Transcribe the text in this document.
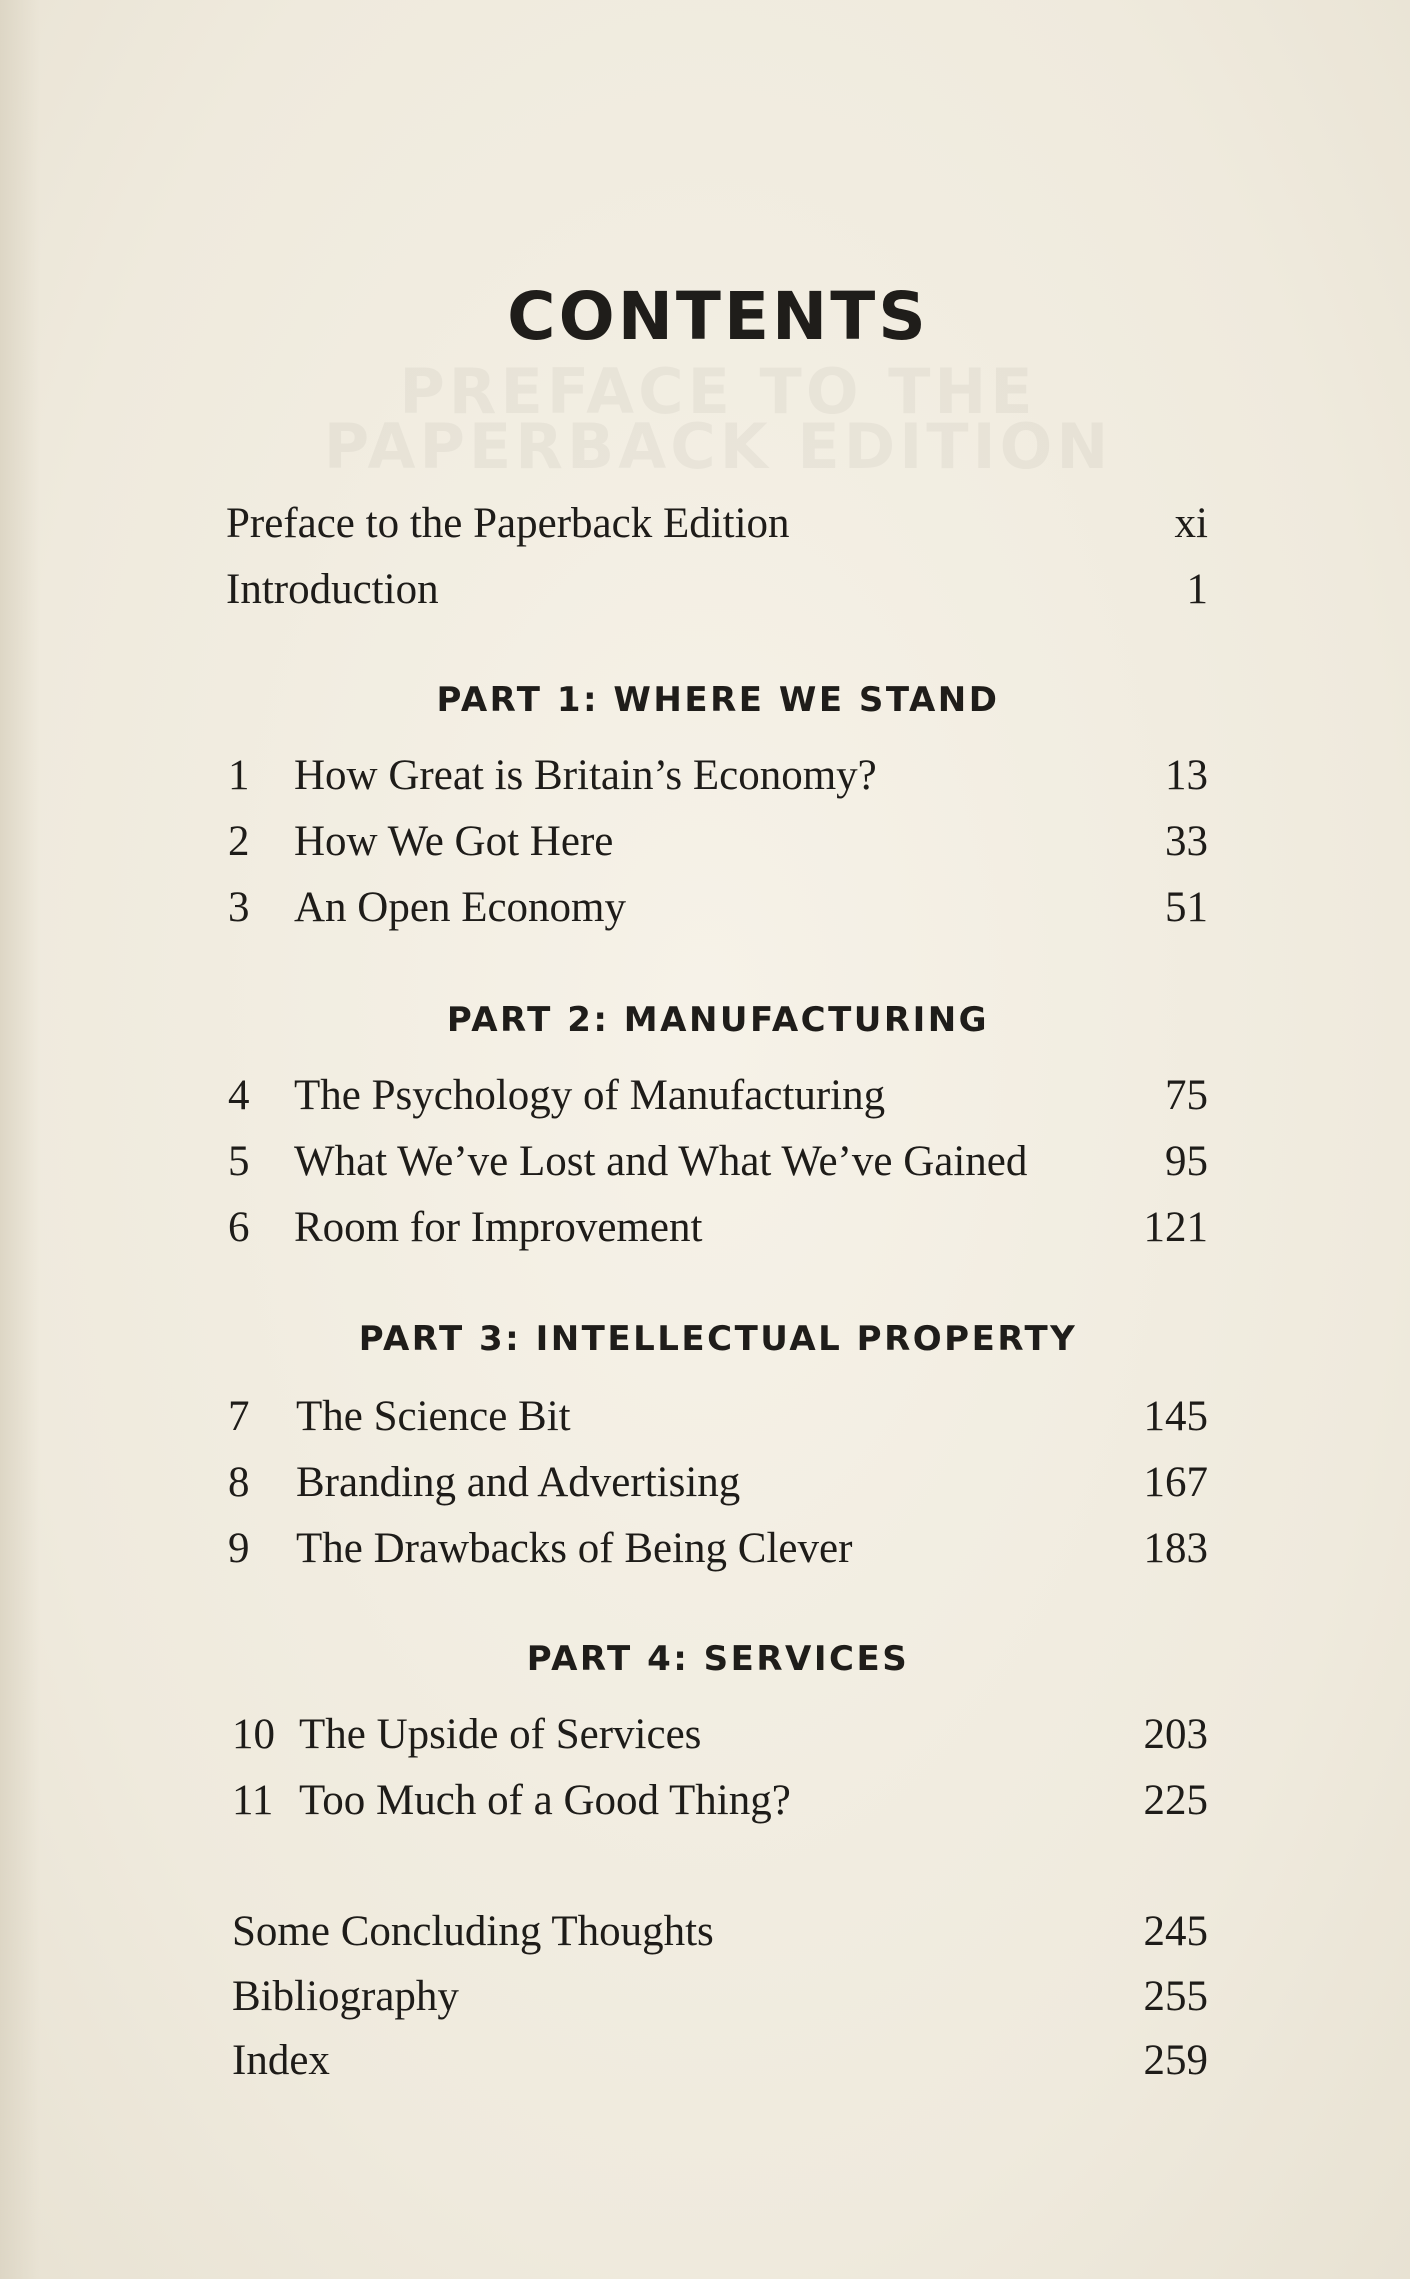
CONTENTS
Preface to the Paperback Edition	xi
Introduction	1
PART 1: WHERE WE STAND
1 How Great is Britain’s Economy?	13
2 How We Got Here	33
3 An Open Economy	51
PART 2: MANUFACTURING
4 The Psychology of Manufacturing	75
5 What We’ve Lost and What We’ve Gained	95
6 Room for Improvement	121
PART 3: INTELLECTUAL PROPERTY
7 The Science Bit	145
8 Branding and Advertising	167
9 The Drawbacks of Being Clever	183
PART 4: SERVICES
10 The Upside of Services	203
11 Too Much of a Good Thing?	225
Some Concluding Thoughts	245
Bibliography	255
Index	259
